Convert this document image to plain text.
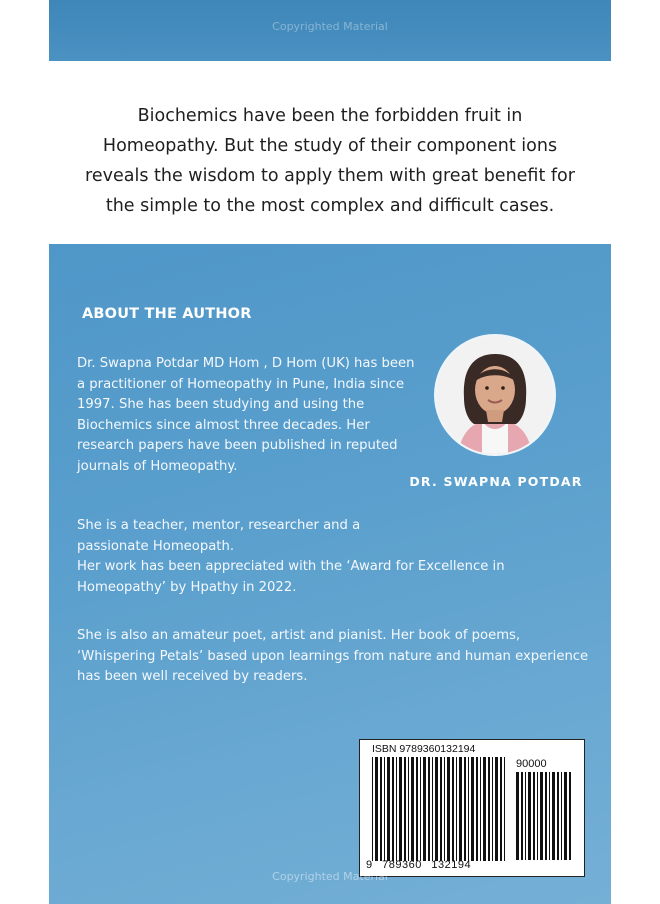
Copyrighted Material

Biochemics have been the forbidden fruit in

Homeopathy. But the study of their component ions

reveals the wisdom to apply them with great benefit for

the simple to the most complex and difficult cases.

ABOUT THE AUTHOR

Dr. Swapna Potdar MD Hom , D Hom (UK) has been a practitioner of Homeopathy in Pune, India since 1997. She has been studying and using the Biochemics since almost three decades. Her research papers have been published in reputed journals of Homeopathy.

DR. SWAPNA POTDAR
She is a teacher, mentor, researcher and a passionate Homeopath.
Her work has been appreciated with the ‘Award for Excellence in Homeopathy’ by Hpathy in 2022.

She is also an amateur poet, artist and pianist. Her book of poems, ‘Whispering Petals’ based upon learnings from nature and human experience has been well received by readers.

ISBN 9789360132194
90000
9 789360 132194
Copyrighted Material
